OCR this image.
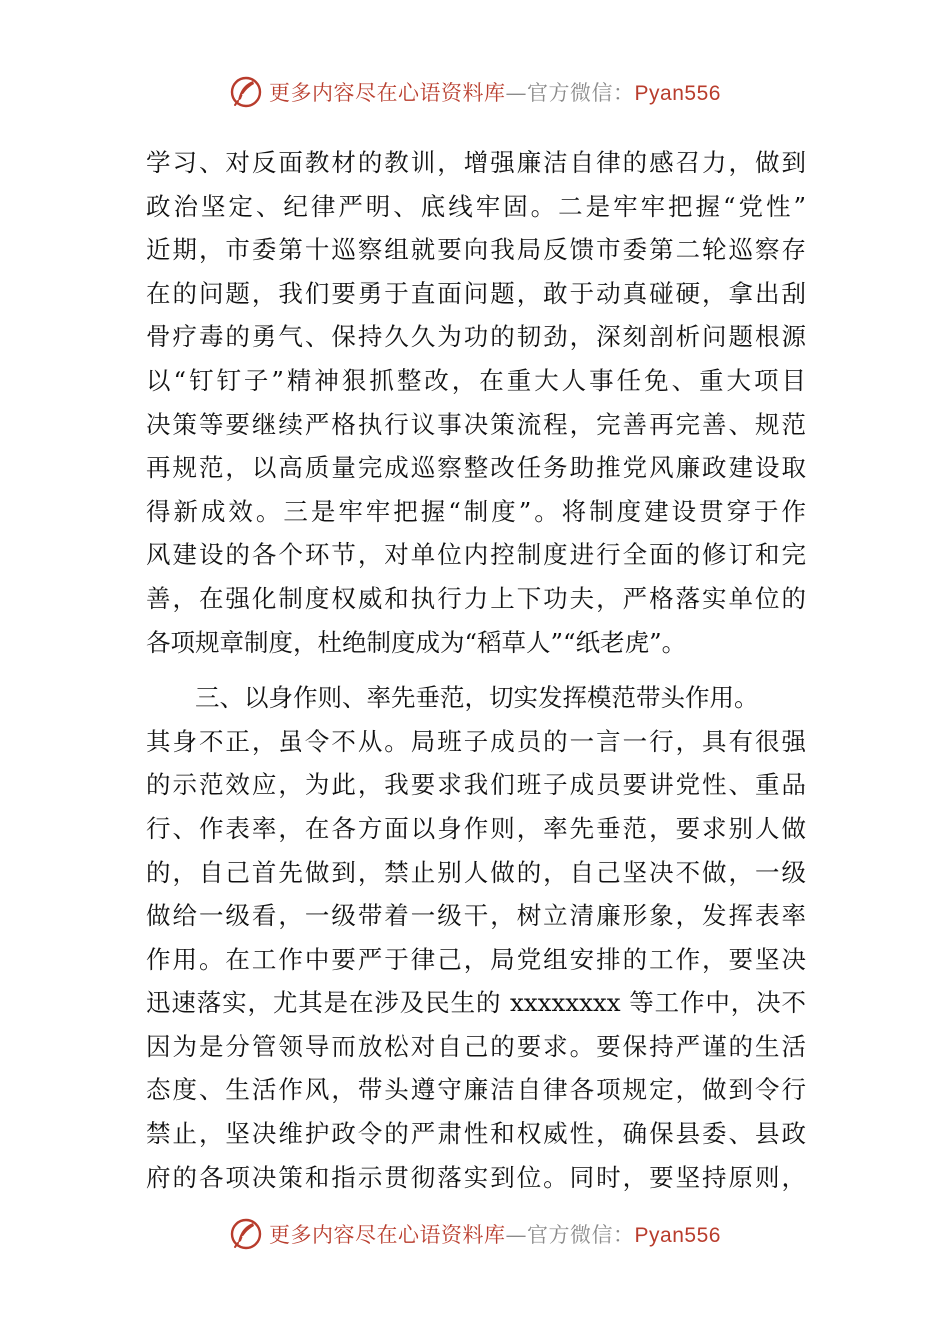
更多内容尽在心语资料库—官方微信：Pyan556
学习、对反面教材的教训，增强廉洁自律的感召力，做到
政治坚定、纪律严明、底线牢固。二是牢牢把握“党性”
近期，市委第十巡察组就要向我局反馈市委第二轮巡察存
在的问题，我们要勇于直面问题，敢于动真碰硬，拿出刮
骨疗毒的勇气、保持久久为功的韧劲，深刻剖析问题根源
以“钉钉子”精神狠抓整改，在重大人事任免、重大项目
决策等要继续严格执行议事决策流程，完善再完善、规范
再规范，以高质量完成巡察整改任务助推党风廉政建设取
得新成效。三是牢牢把握“制度”。将制度建设贯穿于作
风建设的各个环节，对单位内控制度进行全面的修订和完
善，在强化制度权威和执行力上下功夫，严格落实单位的
各项规章制度，杜绝制度成为“稻草人”“纸老虎”。
三、以身作则、率先垂范，切实发挥模范带头作用。
其身不正，虽令不从。局班子成员的一言一行，具有很强
的示范效应，为此，我要求我们班子成员要讲党性、重品
行、作表率，在各方面以身作则，率先垂范，要求别人做
的，自己首先做到，禁止别人做的，自己坚决不做，一级
做给一级看，一级带着一级干，树立清廉形象，发挥表率
作用。在工作中要严于律己，局党组安排的工作，要坚决
迅速落实，尤其是在涉及民生的 xxxxxxxx 等工作中，决不
因为是分管领导而放松对自己的要求。要保持严谨的生活
态度、生活作风，带头遵守廉洁自律各项规定，做到令行
禁止，坚决维护政令的严肃性和权威性，确保县委、县政
府的各项决策和指示贯彻落实到位。同时，要坚持原则，
更多内容尽在心语资料库—官方微信：Pyan556
